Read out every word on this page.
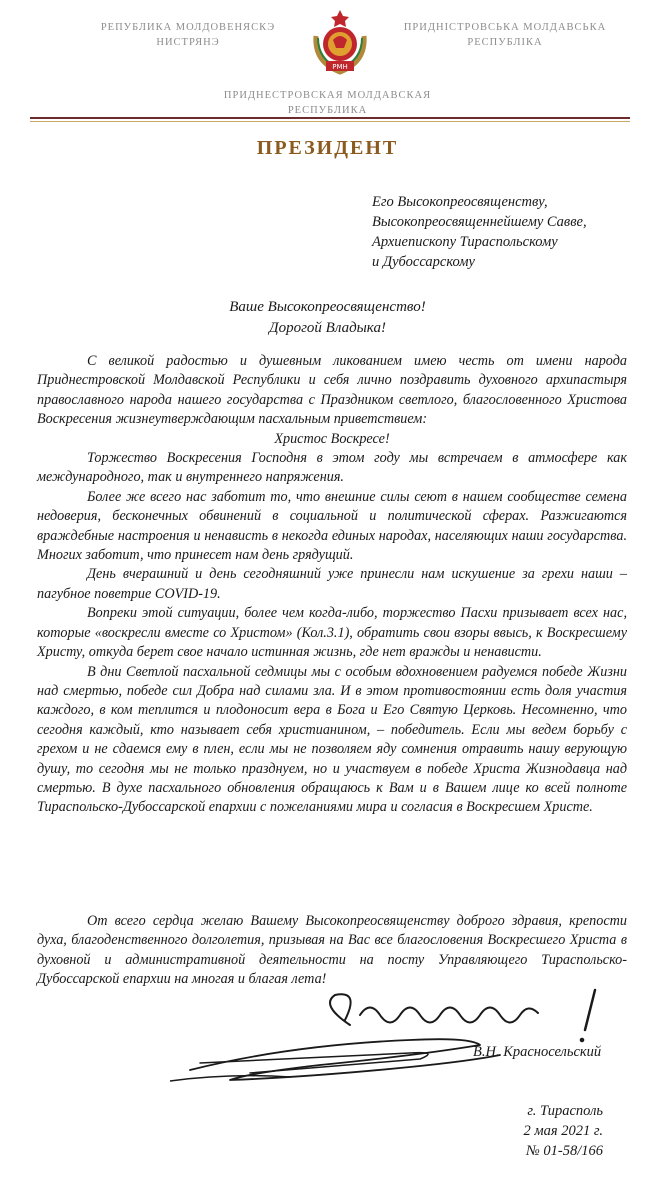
РЕПУБЛИКА МОЛДОВЕНЯСКЭ
НИСТРЯНЭ
РМН
ПРИДНІСТРОВСЬКА МОЛДАВСЬКА
РЕСПУБЛІКА
ПРИДНЕСТРОВСКАЯ МОЛДАВСКАЯ
РЕСПУБЛИКА
ПРЕЗИДЕНТ
Его Высокопреосвященству,
Высокопреосвященнейшему Савве,
Архиепископу Тираспольскому
и Дубоссарскому
Ваше Высокопреосвященство!
Дорогой Владыка!

С великой радостью и душевным ликованием имею честь от имени народа Приднестровской Молдавской Республики и себя лично поздравить духовного архипастыря православного народа нашего государства с Праздником светлого, благословенного Христова Воскресения жизнеутверждающим пасхальным приветствием:

Христос Воскресе!

Торжество Воскресения Господня в этом году мы встречаем в атмосфере как международного, так и внутреннего напряжения.

Более же всего нас заботит то, что внешние силы сеют в нашем сообществе семена недоверия, бесконечных обвинений в социальной и политической сферах. Разжигаются враждебные настроения и ненависть в некогда единых народах, населяющих наши государства. Многих заботит, что принесет нам день грядущий.

День вчерашний и день сегодняшний уже принесли нам искушение за грехи наши – пагубное поветрие COVID-19.

Вопреки этой ситуации, более чем когда-либо, торжество Пасхи призывает всех нас, которые «воскресли вместе со Христом» (Кол.3.1), обратить свои взоры ввысь, к Воскресшему Христу, откуда берет свое начало истинная жизнь, где нет вражды и ненависти.

В дни Светлой пасхальной седмицы мы с особым вдохновением радуемся победе Жизни над смертью, победе сил Добра над силами зла. И в этом противостоянии есть доля участия каждого, в ком теплится и плодоносит вера в Бога и Его Святую Церковь. Несомненно, что сегодня каждый, кто называет себя христианином, – победитель. Если мы ведем борьбу с грехом и не сдаемся ему в плен, если мы не позволяем яду сомнения отравить нашу верующую душу, то сегодня мы не только празднуем, но и участвуем в победе Христа Жизнодавца над смертью. В духе пасхального обновления обращаюсь к Вам и в Вашем лице ко всей полноте Тираспольско-Дубоссарской епархии с пожеланиями мира и согласия в Воскресшем Христе.

От всего сердца желаю Вашему Высокопреосвященству доброго здравия, крепости духа, благоденственного долголетия, призывая на Вас все благословения Воскресшего Христа в духовной и административной деятельности на посту Управляющего Тираспольско-Дубоссарской епархии на многая и благая лета!

В.Н. Красносельский
г. Тирасполь
2 мая 2021 г.
№ 01-58/166
